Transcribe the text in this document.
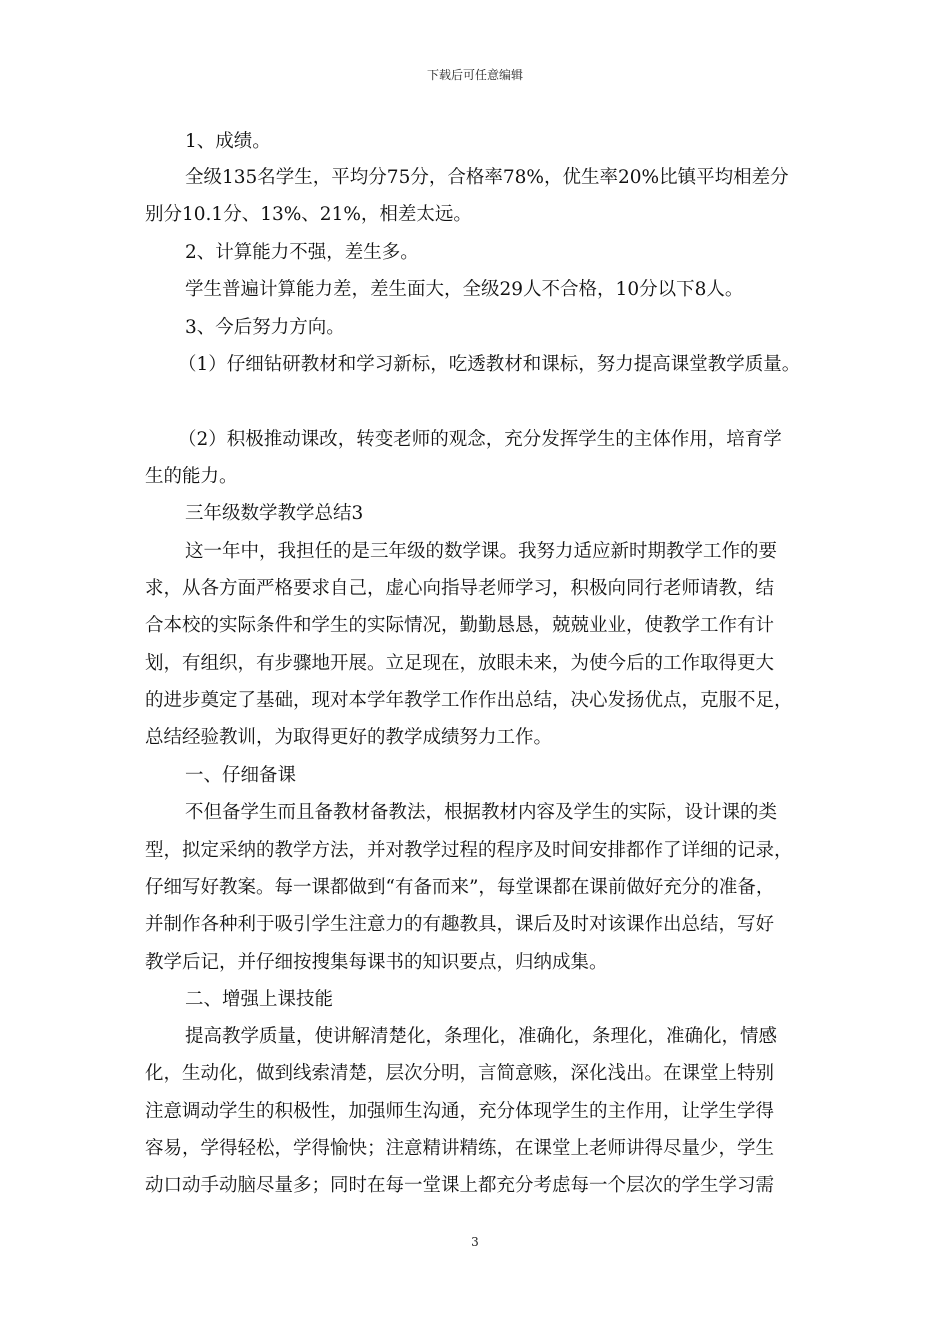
下载后可任意编辑
1、成绩。
全级135名学生，平均分75分，合格率78%，优生率20%比镇平均相差分
别分10.1分、13%、21%，相差太远。
2、计算能力不强，差生多。
学生普遍计算能力差，差生面大，全级29人不合格，10分以下8人。
3、今后努力方向。
（1）仔细钻研教材和学习新标，吃透教材和课标，努力提高课堂教学质量。
（2）积极推动课改，转变老师的观念，充分发挥学生的主体作用，培育学
生的能力。
三年级数学教学总结3
这一年中，我担任的是三年级的数学课。我努力适应新时期教学工作的要
求，从各方面严格要求自己，虚心向指导老师学习，积极向同行老师请教，结
合本校的实际条件和学生的实际情况，勤勤恳恳，兢兢业业，使教学工作有计
划，有组织，有步骤地开展。立足现在，放眼未来，为使今后的工作取得更大
的进步奠定了基础，现对本学年教学工作作出总结，决心发扬优点，克服不足，
总结经验教训，为取得更好的教学成绩努力工作。
一、仔细备课
不但备学生而且备教材备教法，根据教材内容及学生的实际，设计课的类
型，拟定采纳的教学方法，并对教学过程的程序及时间安排都作了详细的记录，
仔细写好教案。每一课都做到“有备而来”，每堂课都在课前做好充分的准备，
并制作各种利于吸引学生注意力的有趣教具，课后及时对该课作出总结，写好
教学后记，并仔细按搜集每课书的知识要点，归纳成集。
二、增强上课技能
提高教学质量，使讲解清楚化，条理化，准确化，条理化，准确化，情感
化，生动化，做到线索清楚，层次分明，言简意赅，深化浅出。在课堂上特别
注意调动学生的积极性，加强师生沟通，充分体现学生的主作用，让学生学得
容易，学得轻松，学得愉快；注意精讲精练，在课堂上老师讲得尽量少，学生
动口动手动脑尽量多；同时在每一堂课上都充分考虑每一个层次的学生学习需
3
